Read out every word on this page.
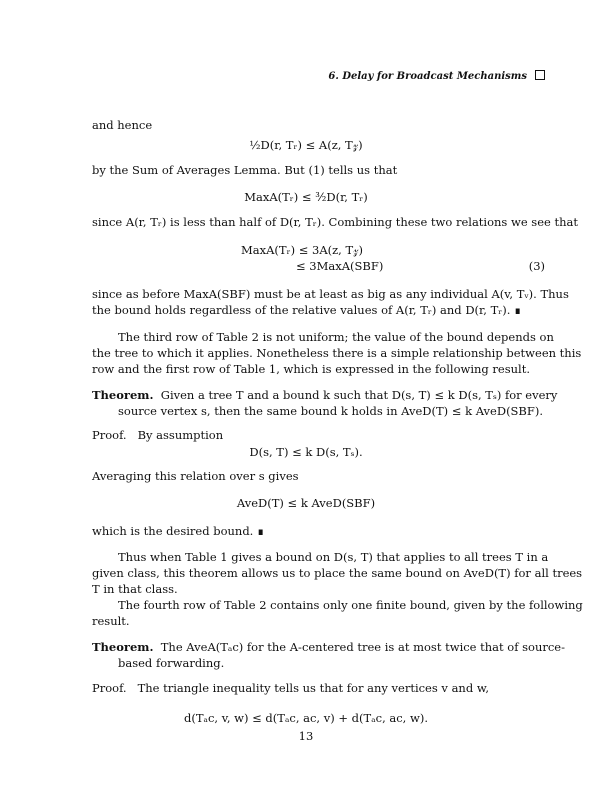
6. Delay for Broadcast Mechanisms
and hence
½D(r, Tᵣ) ≤ A(z, T𝓏)
by the Sum of Averages Lemma. But (1) tells us that
MaxA(Tᵣ) ≤ ³⁄₂D(r, Tᵣ)
since A(r, Tᵣ) is less than half of D(r, Tᵣ). Combining these two relations we see that
MaxA(Tᵣ) ≤ 3A(z, T𝓏)
≤ 3MaxA(SBF)	(3)
since as before MaxA(SBF) must be at least as big as any individual A(v, Tᵥ). Thus
the bound holds regardless of the relative values of A(r, Tᵣ) and D(r, Tᵣ). ∎
The third row of Table 2 is not uniform; the value of the bound depends on
the tree to which it applies. Nonetheless there is a simple relationship between this
row and the first row of Table 1, which is expressed in the following result.
Theorem. Given a tree T and a bound k such that D(s, T) ≤ k D(s, Tₛ) for every
source vertex s, then the same bound k holds in AveD(T) ≤ k AveD(SBF).
Proof. By assumption
D(s, T) ≤ k D(s, Tₛ).
Averaging this relation over s gives
AveD(T) ≤ k AveD(SBF)
which is the desired bound. ∎
Thus when Table 1 gives a bound on D(s, T) that applies to all trees T in a
given class, this theorem allows us to place the same bound on AveD(T) for all trees
T in that class.
The fourth row of Table 2 contains only one finite bound, given by the following
result.
Theorem. The AveA(Tₐc) for the A-centered tree is at most twice that of source-
based forwarding.
Proof. The triangle inequality tells us that for any vertices v and w,
d(Tₐc, v, w) ≤ d(Tₐc, ac, v) + d(Tₐc, ac, w).
13
